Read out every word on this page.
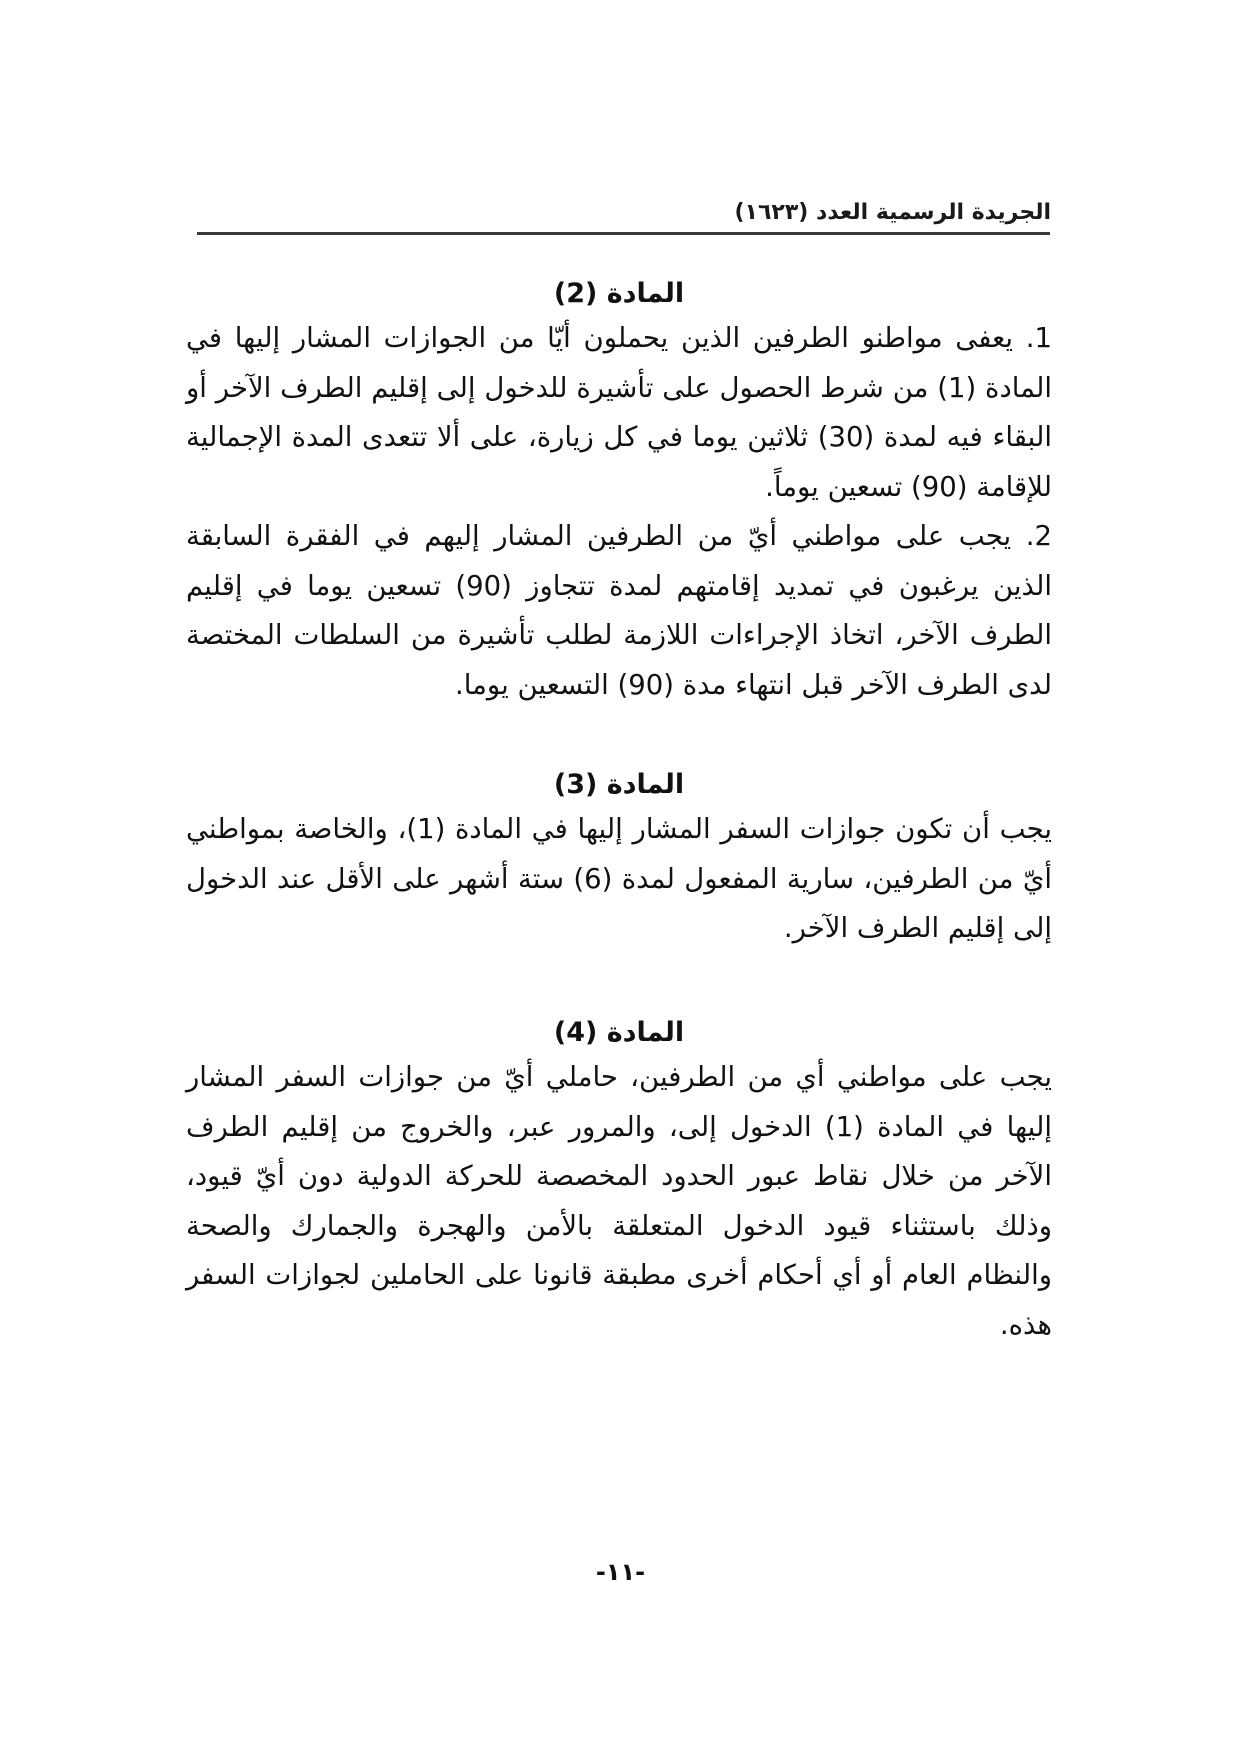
الجريدة الرسمية العدد (١٦٢٣)
المادة (2)

1. يعفى مواطنو الطرفين الذين يحملون أيّا من الجوازات المشار إليها في المادة (1) من شرط الحصول على تأشيرة للدخول إلى إقليم الطرف الآخر أو البقاء فيه لمدة (30) ثلاثين يوما في كل زيارة، على ألا تتعدى المدة الإجمالية للإقامة (90) تسعين يوماً.

2. يجب على مواطني أيّ من الطرفين المشار إليهم في الفقرة السابقة الذين يرغبون في تمديد إقامتهم لمدة تتجاوز (90) تسعين يوما في إقليم الطرف الآخر، اتخاذ الإجراءات اللازمة لطلب تأشيرة من السلطات المختصة لدى الطرف الآخر قبل انتهاء مدة (90) التسعين يوما.

المادة (3)

يجب أن تكون جوازات السفر المشار إليها في المادة (1)، والخاصة بمواطني أيّ من الطرفين، سارية المفعول لمدة (6) ستة أشهر على الأقل عند الدخول إلى إقليم الطرف الآخر.

المادة (4)

يجب على مواطني أي من الطرفين، حاملي أيّ من جوازات السفر المشار إليها في المادة (1) الدخول إلى، والمرور عبر، والخروج من إقليم الطرف الآخر من خلال نقاط عبور الحدود المخصصة للحركة الدولية دون أيّ قيود، وذلك باستثناء قيود الدخول المتعلقة بالأمن والهجرة والجمارك والصحة والنظام العام أو أي أحكام أخرى مطبقة قانونا على الحاملين لجوازات السفر هذه.

-١١-
